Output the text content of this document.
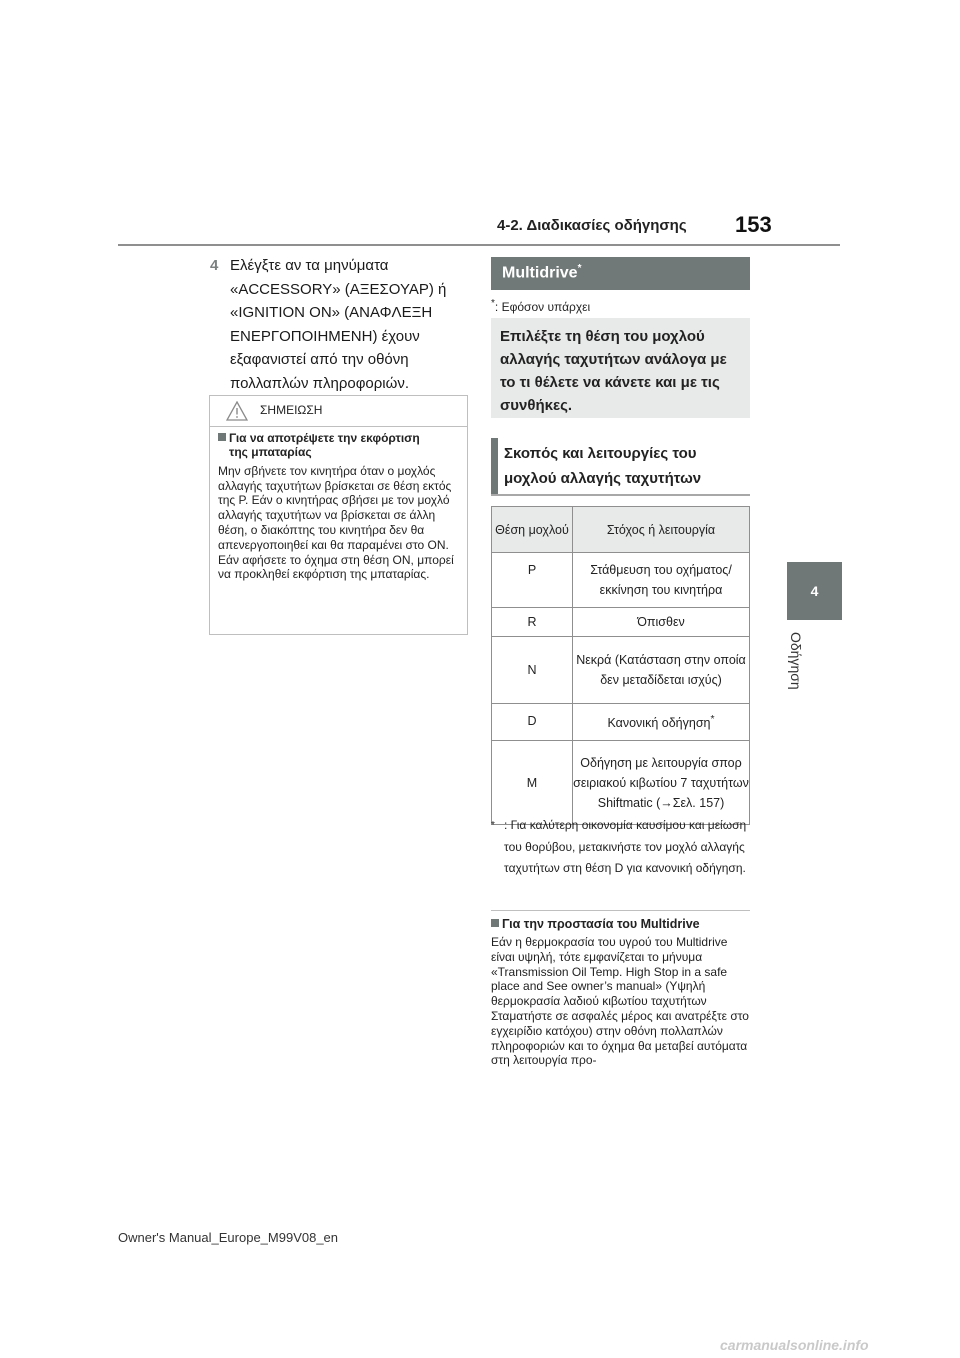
4-2. Διαδικασίες οδήγησης 153
4
Οδήγηση
4 Ελέγξτε αν τα μηνύματα «ACCESSORY» (ΑΞΕΣΟΥΑΡ) ή «IGNITION ON» (ΑΝΑΦΛΕΞΗ ΕΝΕΡΓΟΠΟΙΗΜΕΝΗ) έχουν εξαφανιστεί από την οθόνη πολλαπλών πληροφοριών.
ΣΗΜΕΙΩΣΗ
Για να αποτρέψετε την εκφόρτιση
της μπαταρίας
Μην σβήνετε τον κινητήρα όταν ο μοχλός αλλαγής ταχυτήτων βρίσκεται σε θέση εκτός της P. Εάν ο κινητήρας σβήσει με τον μοχλό αλλαγής ταχυτήτων να βρίσκεται σε άλλη θέση, ο διακόπτης του κινητήρα δεν θα απενεργοποιηθεί και θα παραμένει στο ON. Εάν αφήσετε το όχημα στη θέση ON, μπορεί να προκληθεί εκφόρτιση της μπαταρίας.
Multidrive*
*: Εφόσον υπάρχει
Επιλέξτε τη θέση του μοχλού αλλαγής ταχυτήτων ανάλογα με το τι θέλετε να κάνετε και με τις συνθήκες.
Σκοπός και λειτουργίες του μοχλού αλλαγής ταχυτήτων
Θέση μοχλού	Στόχος ή λειτουργία
P	Στάθμευση του οχήματος/εκκίνηση του κινητήρα
R	Όπισθεν
N	Νεκρά (Κατάσταση στην οποία δεν μεταδίδεται ισχύς)
D	Κανονική οδήγηση*
M	Οδήγηση με λειτουργία σπορ σειριακού κιβωτίου 7 ταχυτήτων Shiftmatic (→Σελ. 157)
* : Για καλύτερη οικονομία καυσίμου και μείωση του θορύβου, μετακινήστε τον μοχλό αλλαγής ταχυτήτων στη θέση D για κανονική οδήγηση.
Για την προστασία του Multidrive
Εάν η θερμοκρασία του υγρού του Multidrive είναι υψηλή, τότε εμφανίζεται το μήνυμα «Transmission Oil Temp. High Stop in a safe place and See owner’s manual» (Υψηλή θερμοκρασία λαδιού κιβωτίου ταχυτήτων Σταματήστε σε ασφαλές μέρος και ανατρέξτε στο εγχειρίδιο κατόχου) στην οθόνη πολλαπλών πληροφοριών και το όχημα θα μεταβεί αυτόματα στη λειτουργία προ-
Owner's Manual_Europe_M99V08_en
carmanualsonline.info
